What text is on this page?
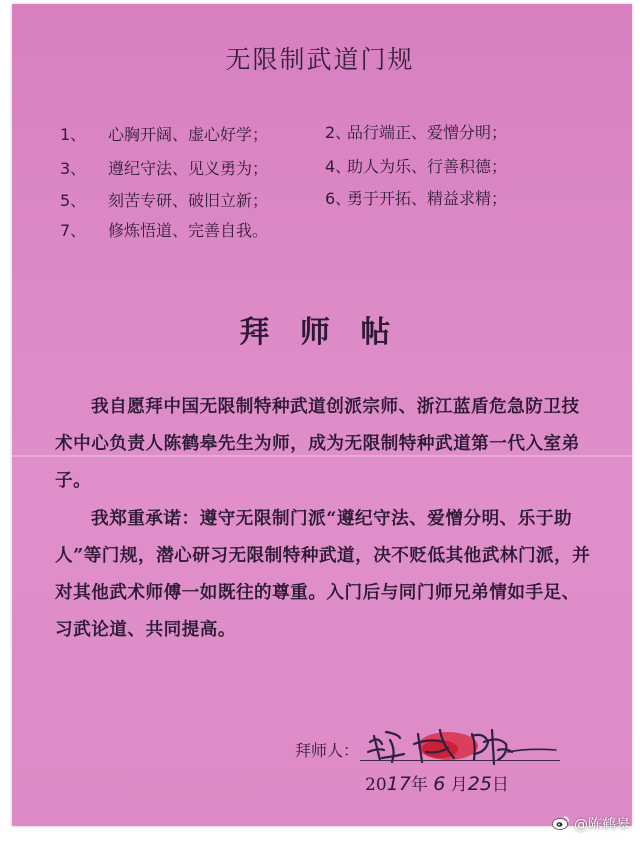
无限制武道门规
1、 心胸开阔、虚心好学；	2、品行端正、爱憎分明；
3、 遵纪守法、见义勇为；	4、助人为乐、行善积德；
5、 刻苦专研、破旧立新；	6、勇于开拓、精益求精；
7、 修炼悟道、完善自我。
拜 师 帖
我自愿拜中国无限制特种武道创派宗师、浙江蓝盾危急防卫技术中心负责人陈鹤皋先生为师，成为无限制特种武道第一代入室弟子。
我郑重承诺：遵守无限制门派“遵纪守法、爱憎分明、乐于助人”等门规，潜心研习无限制特种武道，决不贬低其他武林门派，并对其他武术师傅一如既往的尊重。入门后与同门师兄弟情如手足、习武论道、共同提高。
拜师人：
2017年 6 月25日
@陈鹤皋
